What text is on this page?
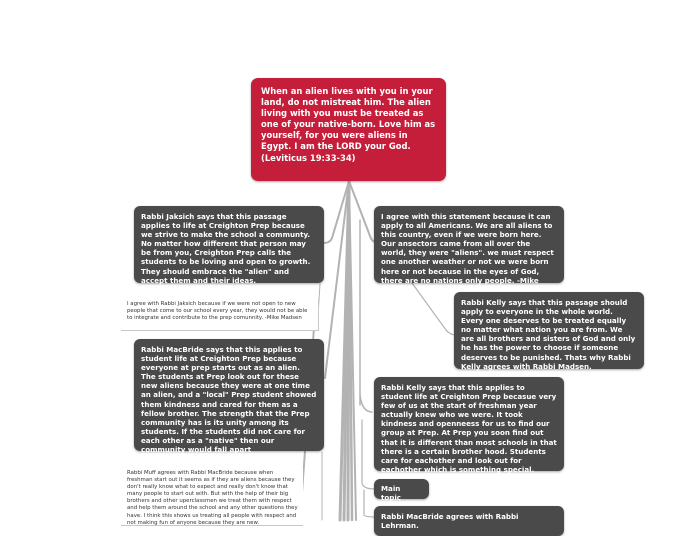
When an alien lives with you in your land, do not mistreat him. The alien living with you must be treated as one of your native-born. Love him as yourself, for you were aliens in Egypt. I am the LORD your God. (Leviticus 19:33-34)
Rabbi Jaksich says that this passage applies to life at Creighton Prep because we strive to make the school a communty. No matter how different that person may be from you, Creighton Prep calls the students to be loving and open to growth. They should embrace the "alien" and accept them and their ideas.
I agree with Rabbi Jaksich because if we were not open to new people that come to our school every year, they would not be able to integrate and contribute to the prep comunnity. -Mike Madsen
Rabbi MacBride says that this applies to student life at Creighton Prep because everyone at prep starts out as an alien. The students at Prep look out for these new aliens because they were at one time an alien, and a "local" Prep student showed them kindness and cared for them as a fellow brother. The strength that the Prep community has is its unity among its students. If the students did not care for each other as a "native" then our community would fall apart
Rabbi Muff agrees with Rabbi MacBride because when freshman start out it seems as if they are aliens because they don't really know what to expect and really don't know that many people to start out with. But with the help of their big brothers and other uperclassmen we treat them with respect and help them around the school and any other questions they have. I think this shows us treating all people with respect and not making fun of anyone because they are new.
I agree with this statement because it can apply to all Americans. We are all aliens to this country, even if we were born here. Our ansectors came from all over the world, they were "aliens". we must respect one another weather or not we were born here or not because in the eyes of God, there are no nations only people. -Mike Madsen
Rabbi Kelly says that this passage should apply to everyone in the whole world. Every one deserves to be treated equally no matter what nation you are from. We are all brothers and sisters of God and only he has the power to choose if someone deserves to be punished. Thats why Rabbi Kelly agrees with Rabbi Madsen.
Rabbi Kelly says that this applies to student life at Creighton Prep becasue very few of us at the start of freshman year actually knew who we were. It took kindness and openneess for us to find our group at Prep. At Prep you soon find out that it is different than most schools in that there is a certain brother hood. Students care for eachother and look out for eachother which is something special.
Main topic
Rabbi MacBride agrees with Rabbi Lehrman.
